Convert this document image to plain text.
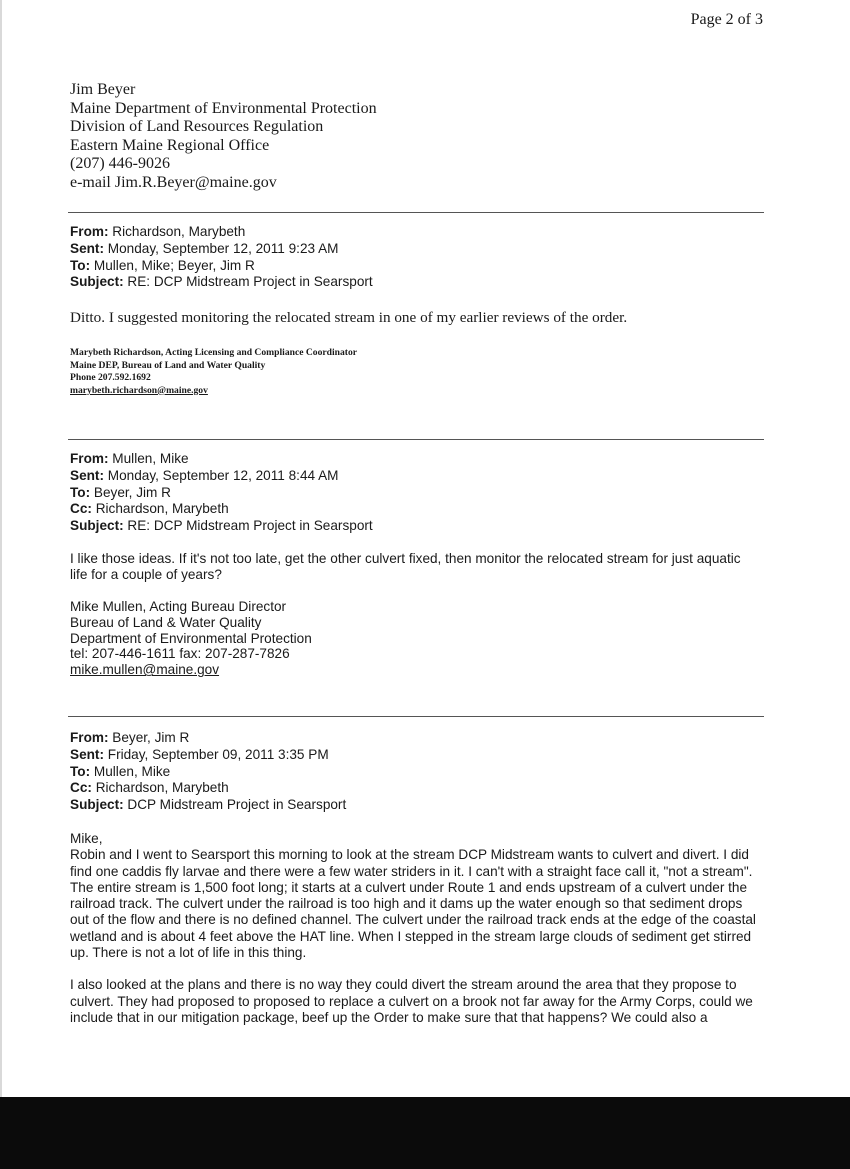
Page 2 of 3
Jim Beyer
Maine Department of Environmental Protection
Division of Land Resources Regulation
Eastern Maine Regional Office
(207) 446-9026
e-mail Jim.R.Beyer@maine.gov
From: Richardson, Marybeth
Sent: Monday, September 12, 2011 9:23 AM
To: Mullen, Mike; Beyer, Jim R
Subject: RE: DCP Midstream Project in Searsport

Ditto. I suggested monitoring the relocated stream in one of my earlier reviews of the order.

Marybeth Richardson, Acting Licensing and Compliance Coordinator
Maine DEP, Bureau of Land and Water Quality
Phone 207.592.1692
marybeth.richardson@maine.gov
From: Mullen, Mike
Sent: Monday, September 12, 2011 8:44 AM
To: Beyer, Jim R
Cc: Richardson, Marybeth
Subject: RE: DCP Midstream Project in Searsport

I like those ideas. If it's not too late, get the other culvert fixed, then monitor the relocated stream for just aquatic life for a couple of years?

Mike Mullen, Acting Bureau Director
Bureau of Land & Water Quality
Department of Environmental Protection
tel: 207-446-1611 fax: 207-287-7826
mike.mullen@maine.gov
From: Beyer, Jim R
Sent: Friday, September 09, 2011 3:35 PM
To: Mullen, Mike
Cc: Richardson, Marybeth
Subject: DCP Midstream Project in Searsport

Mike,

Robin and I went to Searsport this morning to look at the stream DCP Midstream wants to culvert and divert. I did find one caddis fly larvae and there were a few water striders in it. I can't with a straight face call it, "not a stream". The entire stream is 1,500 foot long; it starts at a culvert under Route 1 and ends upstream of a culvert under the railroad track. The culvert under the railroad is too high and it dams up the water enough so that sediment drops out of the flow and there is no defined channel. The culvert under the railroad track ends at the edge of the coastal wetland and is about 4 feet above the HAT line. When I stepped in the stream large clouds of sediment get stirred up. There is not a lot of life in this thing.

I also looked at the plans and there is no way they could divert the stream around the area that they propose to culvert. They had proposed to proposed to replace a culvert on a brook not far away for the Army Corps, could we include that in our mitigation package, beef up the Order to make sure that that happens? We could also a
